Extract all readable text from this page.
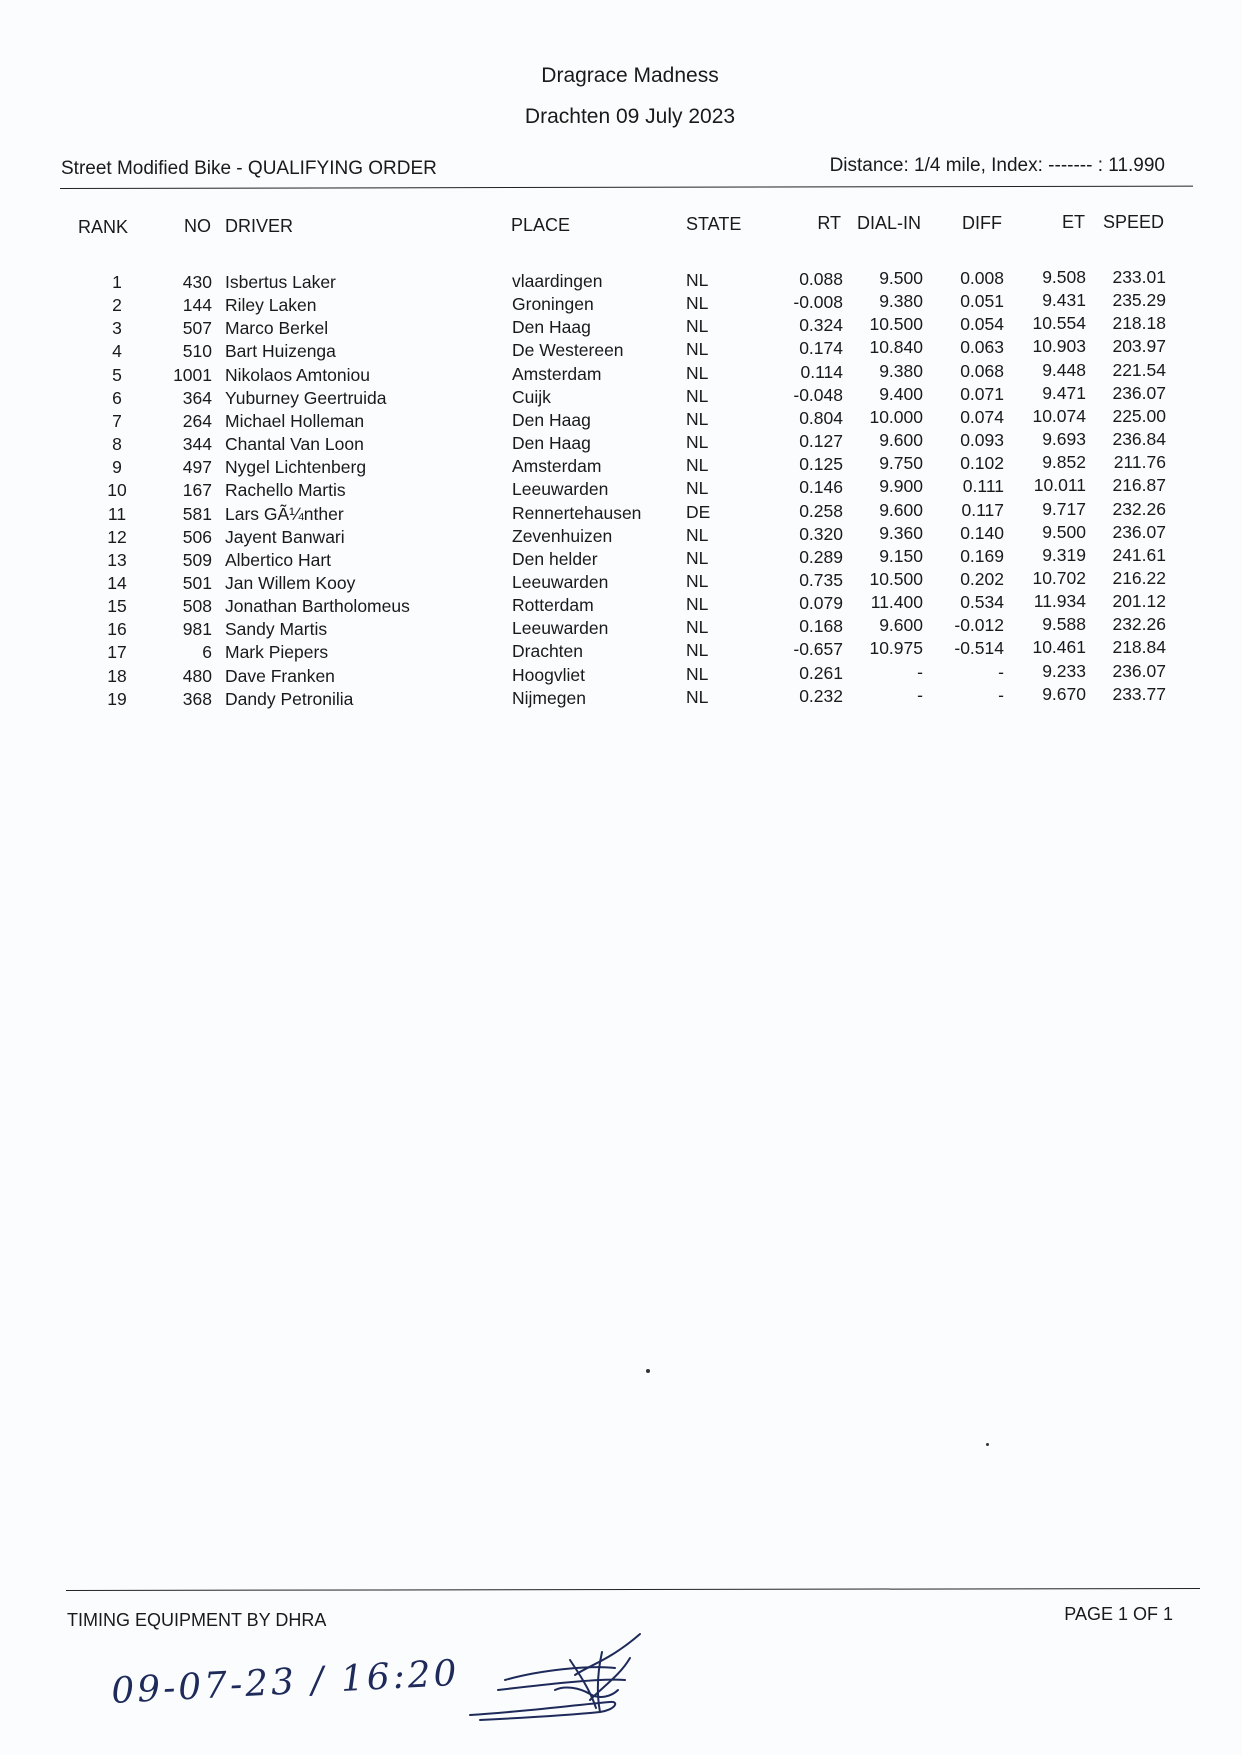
Dragrace Madness
Drachten 09 July 2023
Street Modified Bike - QUALIFYING ORDER	Distance: 1/4 mile, Index: ------- : 11.990
RANK	NO DRIVER	PLACE	STATE	RT DIAL-IN DIFF	ET SPEED
1	430 Isbertus Laker	vlaardingen	NL	0.088	9.500	0.008	9.508	233.01
2	144 Riley Laken	Groningen	NL	-0.008	9.380	0.051	9.431	235.29
3	507 Marco Berkel	Den Haag	NL	0.324	10.500	0.054	10.554	218.18
4	510 Bart Huizenga	De Westereen	NL	0.174	10.840	0.063	10.903	203.97
5	1001 Nikolaos Amtoniou	Amsterdam	NL	0.114	9.380	0.068	9.448	221.54
6	364 Yuburney Geertruida	Cuijk	NL	-0.048	9.400	0.071	9.471	236.07
7	264 Michael Holleman	Den Haag	NL	0.804	10.000	0.074	10.074	225.00
8	344 Chantal Van Loon	Den Haag	NL	0.127	9.600	0.093	9.693	236.84
9	497 Nygel Lichtenberg	Amsterdam	NL	0.125	9.750	0.102	9.852	211.76
10	167 Rachello Martis	Leeuwarden	NL	0.146	9.900	0.111	10.011	216.87
11	581 Lars GÃ¼nther	Rennertehausen	DE	0.258	9.600	0.117	9.717	232.26
12	506 Jayent Banwari	Zevenhuizen	NL	0.320	9.360	0.140	9.500	236.07
13	509 Albertico Hart	Den helder	NL	0.289	9.150	0.169	9.319	241.61
14	501 Jan Willem Kooy	Leeuwarden	NL	0.735	10.500	0.202	10.702	216.22
15	508 Jonathan Bartholomeus	Rotterdam	NL	0.079	11.400	0.534	11.934	201.12
16	981 Sandy Martis	Leeuwarden	NL	0.168	9.600	-0.012	9.588	232.26
17	6 Mark Piepers	Drachten	NL	-0.657	10.975	-0.514	10.461	218.84
18	480 Dave Franken	Hoogvliet	NL	0.261	-	-	9.233	236.07
19	368 Dandy Petronilia	Nijmegen	NL	0.232	-	-	9.670	233.77
TIMING EQUIPMENT BY DHRA	PAGE 1 OF 1
09-07-23 / 16:20
